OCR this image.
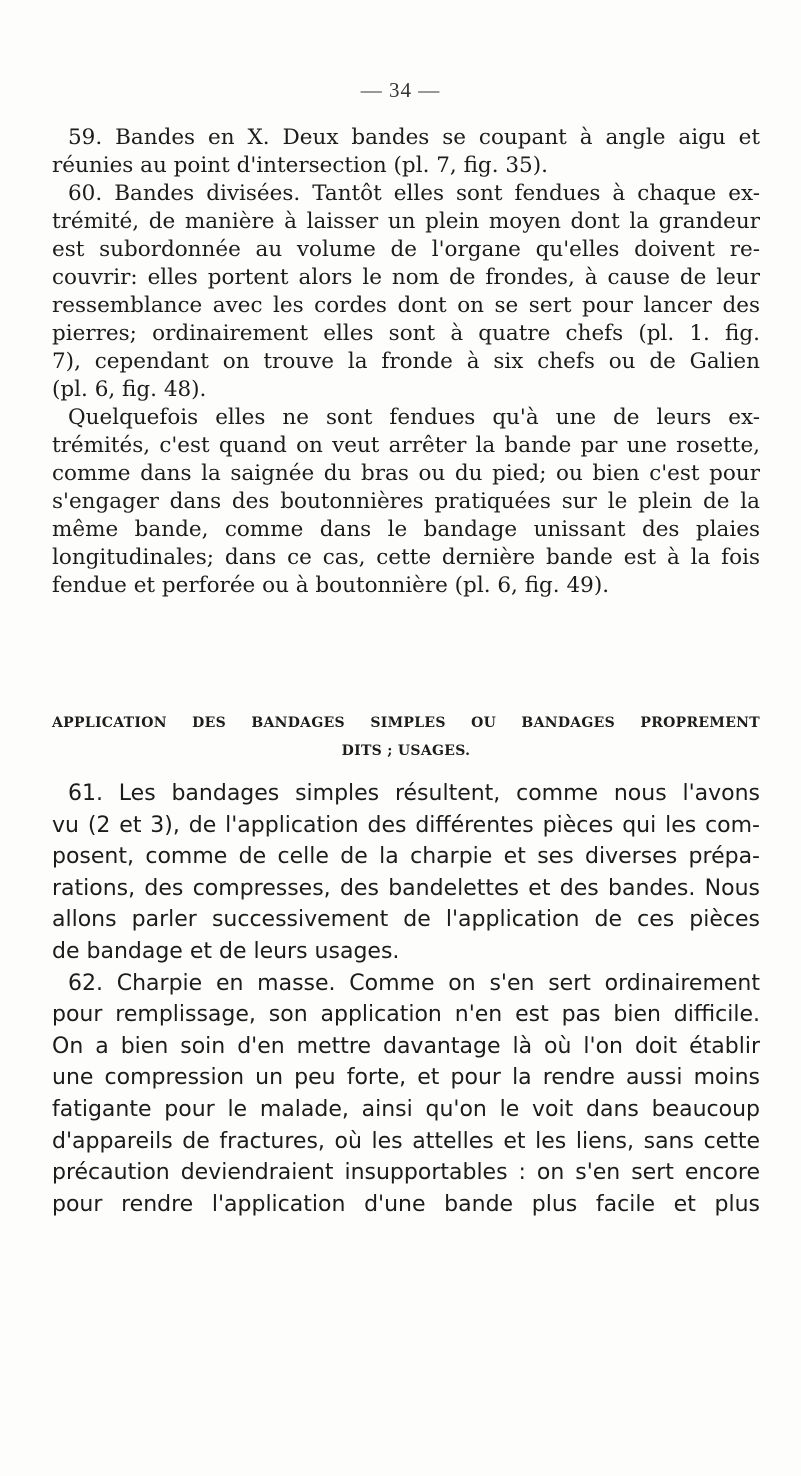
— 34 —
59. Bandes en X. Deux bandes se coupant à angle aigu et
réunies au point d'intersection (pl. 7, fig. 35).
60. Bandes divisées. Tantôt elles sont fendues à chaque ex-
trémité, de manière à laisser un plein moyen dont la grandeur
est subordonnée au volume de l'organe qu'elles doivent re-
couvrir: elles portent alors le nom de frondes, à cause de leur
ressemblance avec les cordes dont on se sert pour lancer des
pierres; ordinairement elles sont à quatre chefs (pl. 1. fig.
7), cependant on trouve la fronde à six chefs ou de Galien
(pl. 6, fig. 48).
Quelquefois elles ne sont fendues qu'à une de leurs ex-
trémités, c'est quand on veut arrêter la bande par une rosette,
comme dans la saignée du bras ou du pied; ou bien c'est pour
s'engager dans des boutonnières pratiquées sur le plein de la
même bande, comme dans le bandage unissant des plaies
longitudinales; dans ce cas, cette dernière bande est à la fois
fendue et perforée ou à boutonnière (pl. 6, fig. 49).
APPLICATION DES BANDAGES SIMPLES OU BANDAGES PROPREMENT
DITS ; USAGES.
61. Les bandages simples résultent, comme nous l'avons
vu (2 et 3), de l'application des différentes pièces qui les com-
posent, comme de celle de la charpie et ses diverses prépa-
rations, des compresses, des bandelettes et des bandes. Nous
allons parler successivement de l'application de ces pièces
de bandage et de leurs usages.
62. Charpie en masse. Comme on s'en sert ordinairement
pour remplissage, son application n'en est pas bien difficile.
On a bien soin d'en mettre davantage là où l'on doit établir
une compression un peu forte, et pour la rendre aussi moins
fatigante pour le malade, ainsi qu'on le voit dans beaucoup
d'appareils de fractures, où les attelles et les liens, sans cette
précaution deviendraient insupportables : on s'en sert encore
pour rendre l'application d'une bande plus facile et plus
